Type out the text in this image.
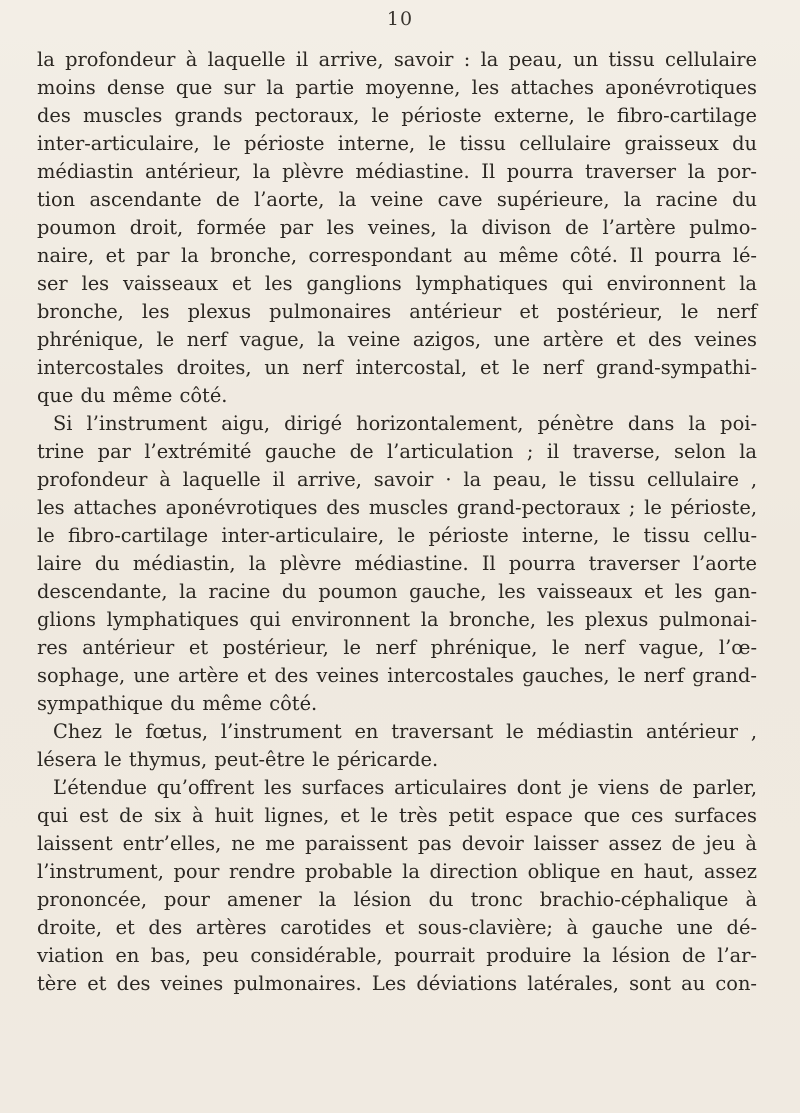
10
la profondeur à laquelle il arrive, savoir : la peau, un tissu cellulaire
moins dense que sur la partie moyenne, les attaches aponévrotiques
des muscles grands pectoraux, le périoste externe, le fibro-cartilage
inter-articulaire, le périoste interne, le tissu cellulaire graisseux du
médiastin antérieur, la plèvre médiastine. Il pourra traverser la por-
tion ascendante de l’aorte, la veine cave supérieure, la racine du
poumon droit, formée par les veines, la divison de l’artère pulmo-
naire, et par la bronche, correspondant au même côté. Il pourra lé-
ser les vaisseaux et les ganglions lymphatiques qui environnent la
bronche, les plexus pulmonaires antérieur et postérieur, le nerf
phrénique, le nerf vague, la veine azigos, une artère et des veines
intercostales droites, un nerf intercostal, et le nerf grand-sympathi-
que du même côté.
Si l’instrument aigu, dirigé horizontalement, pénètre dans la poi-
trine par l’extrémité gauche de l’articulation ; il traverse, selon la
profondeur à laquelle il arrive, savoir · la peau, le tissu cellulaire ,
les attaches aponévrotiques des muscles grand-pectoraux ; le périoste,
le fibro-cartilage inter-articulaire, le périoste interne, le tissu cellu-
laire du médiastin, la plèvre médiastine. Il pourra traverser l’aorte
descendante, la racine du poumon gauche, les vaisseaux et les gan-
glions lymphatiques qui environnent la bronche, les plexus pulmonai-
res antérieur et postérieur, le nerf phrénique, le nerf vague, l’œ-
sophage, une artère et des veines intercostales gauches, le nerf grand-
sympathique du même côté.
Chez le fœtus, l’instrument en traversant le médiastin antérieur ,
lésera le thymus, peut-être le péricarde.
L’étendue qu’offrent les surfaces articulaires dont je viens de parler,
qui est de six à huit lignes, et le très petit espace que ces surfaces
laissent entr’elles, ne me paraissent pas devoir laisser assez de jeu à
l’instrument, pour rendre probable la direction oblique en haut, assez
prononcée, pour amener la lésion du tronc brachio-céphalique à
droite, et des artères carotides et sous-clavière; à gauche une dé-
viation en bas, peu considérable, pourrait produire la lésion de l’ar-
tère et des veines pulmonaires. Les déviations latérales, sont au con-
